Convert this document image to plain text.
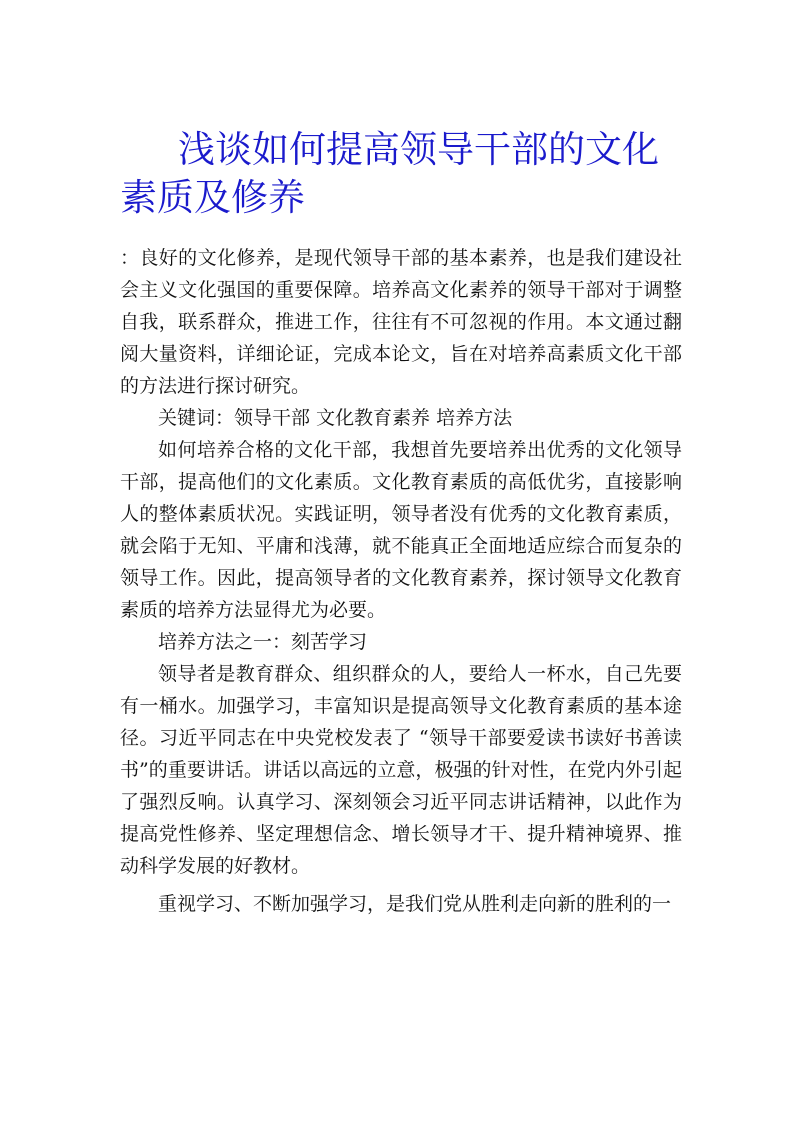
浅谈如何提高领导干部的文化素质及修养

：良好的文化修养，是现代领导干部的基本素养，也是我们建设社会主义文化强国的重要保障。培养高文化素养的领导干部对于调整自我，联系群众，推进工作，往往有不可忽视的作用。本文通过翻阅大量资料，详细论证，完成本论文，旨在对培养高素质文化干部的方法进行探讨研究。

关键词：领导干部 文化教育素养 培养方法

如何培养合格的文化干部，我想首先要培养出优秀的文化领导干部，提高他们的文化素质。文化教育素质的高低优劣，直接影响人的整体素质状况。实践证明，领导者没有优秀的文化教育素质，就会陷于无知、平庸和浅薄，就不能真正全面地适应综合而复杂的领导工作。因此，提高领导者的文化教育素养，探讨领导文化教育素质的培养方法显得尤为必要。

培养方法之一：刻苦学习

领导者是教育群众、组织群众的人，要给人一杯水，自己先要有一桶水。加强学习，丰富知识是提高领导文化教育素质的基本途径。习近平同志在中央党校发表了 “领导干部要爱读书读好书善读书”的重要讲话。讲话以高远的立意，极强的针对性，在党内外引起了强烈反响。认真学习、深刻领会习近平同志讲话精神，以此作为提高党性修养、坚定理想信念、增长领导才干、提升精神境界、推动科学发展的好教材。

重视学习、不断加强学习，是我们党从胜利走向新的胜利的一
